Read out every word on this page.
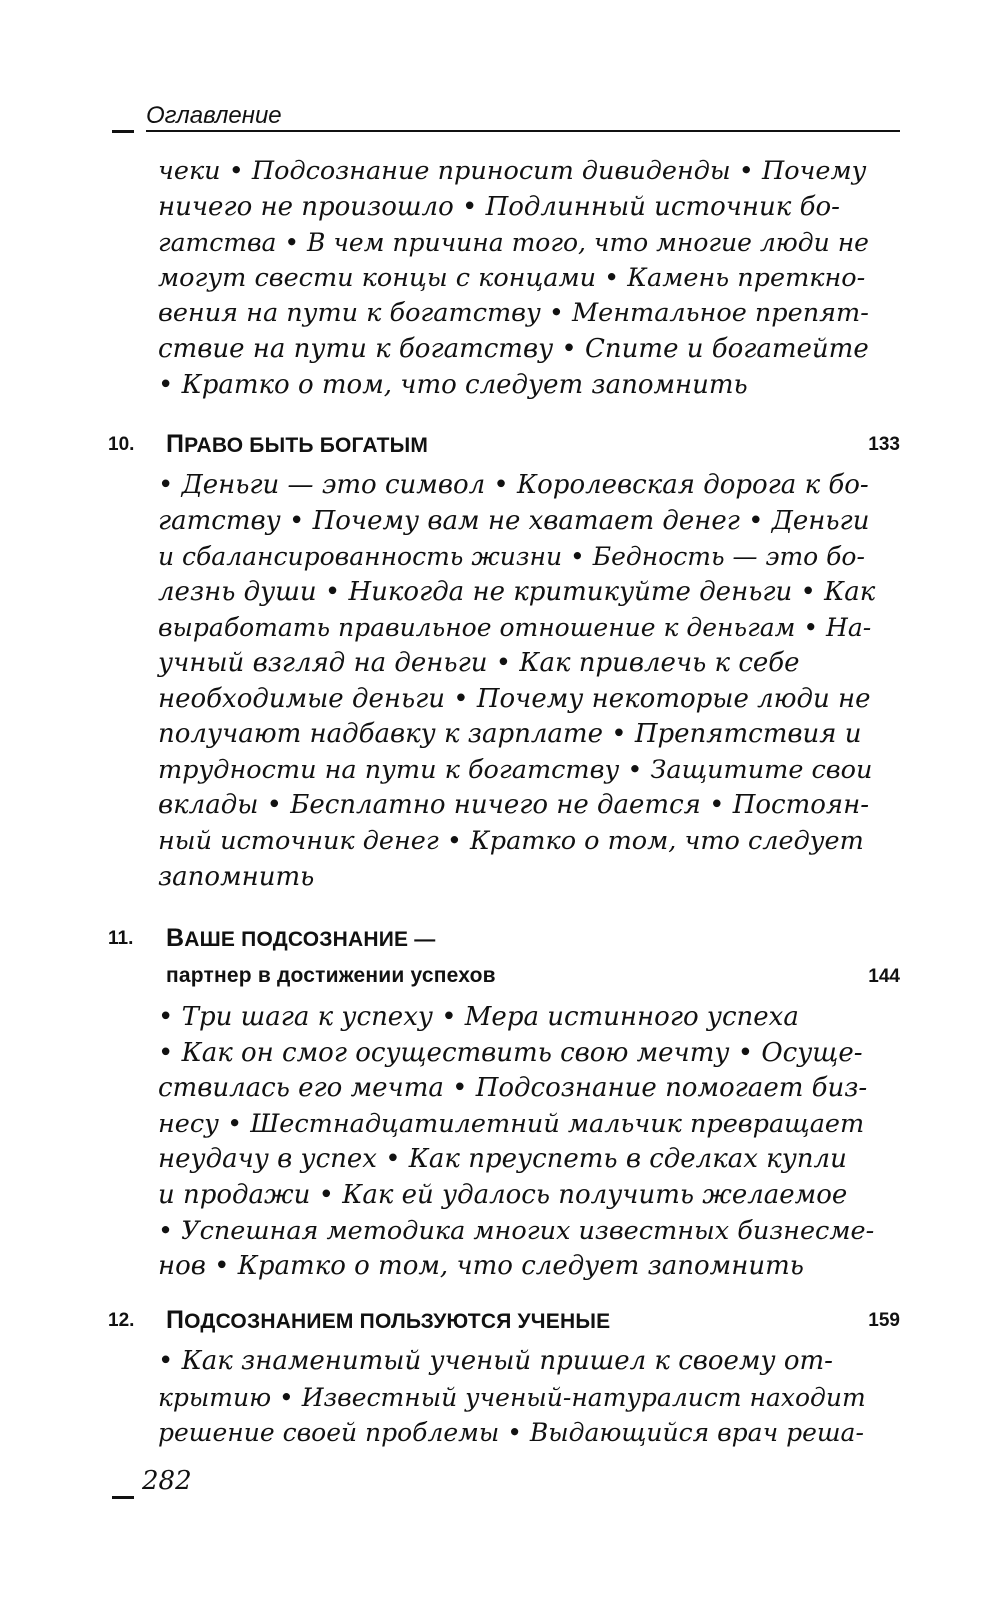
Оглавление
чеки • Подсознание приносит дивиденды • Почему
ничего не произошло • Подлинный источник бо-
гатства • В чем причина того, что многие люди не
могут свести концы с концами • Камень преткно-
вения на пути к богатству • Ментальное препят-
ствие на пути к богатству • Спите и богатейте
• Кратко о том, что следует запомнить
10. ПРАВО БЫТЬ БОГАТЫМ	133
• Деньги — это символ • Королевская дорога к бо-
гатству • Почему вам не хватает денег • Деньги
и сбалансированность жизни • Бедность — это бо-
лезнь души • Никогда не критикуйте деньги • Как
выработать правильное отношение к деньгам • На-
учный взгляд на деньги • Как привлечь к себе
необходимые деньги • Почему некоторые люди не
получают надбавку к зарплате • Препятствия и
трудности на пути к богатству • Защитите свои
вклады • Бесплатно ничего не дается • Постоян-
ный источник денег • Кратко о том, что следует
запомнить
11. ВАШЕ ПОДСОЗНАНИЕ —
партнер в достижении успехов	144
• Три шага к успеху • Мера истинного успеха
• Как он смог осуществить свою мечту • Осуще-
ствилась его мечта • Подсознание помогает биз-
несу • Шестнадцатилетний мальчик превращает
неудачу в успех • Как преуспеть в сделках купли
и продажи • Как ей удалось получить желаемое
• Успешная методика многих известных бизнесме-
нов • Кратко о том, что следует запомнить
12. ПОДСОЗНАНИЕМ ПОЛЬЗУЮТСЯ УЧЕНЫЕ	159
• Как знаменитый ученый пришел к своему от-
крытию • Известный ученый-натуралист находит
решение своей проблемы • Выдающийся врач реша-
282
